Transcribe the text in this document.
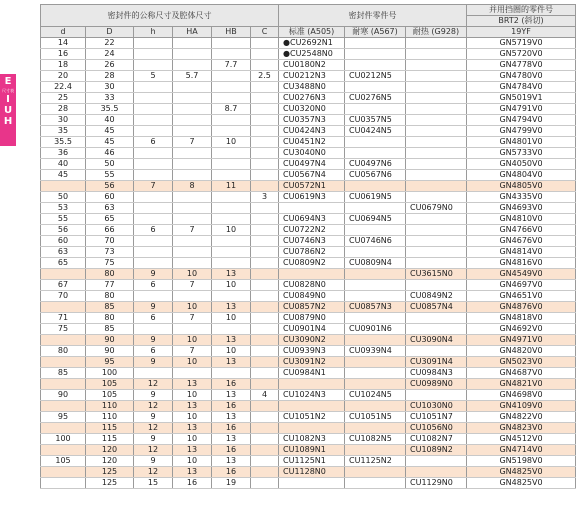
E
尺寸表
I
U
H
密封件的公称尺寸及腔体尺寸						密封件零件号			并用挡圈的零件号
									BRT2 (斜切)
d	D	h	HA	HB	C	标准 (A505)	耐寒 (A567)	耐热 (G928)	19YF
14	22					●CU2692N1			GN5719V0
16	24					●CU2548N0			GN5720V0
18	26			7.7		CU0180N2			GN4778V0
20	28	5	5.7		2.5	CU0212N3	CU0212N5		GN4780V0
22.4	30					CU3488N0			GN4784V0
25	33					CU0276N3	CU0276N5		GN5019V1
28	35.5			8.7		CU0320N0			GN4791V0
30	40					CU0357N3	CU0357N5		GN4794V0
35	45					CU0424N3	CU0424N5		GN4799V0
35.5	45	6	7	10		CU0451N2			GN4801V0
36	46					CU3040N0			GN5733V0
40	50					CU0497N4	CU0497N6		GN4050V0
45	55					CU0567N4	CU0567N6		GN4804V0
	56	7	8	11		CU0572N1			GN4805V0
50	60				3	CU0619N3	CU0619N5		GN4335V0
53	63							CU0679N0	GN4693V0
55	65					CU0694N3	CU0694N5		GN4810V0
56	66	6	7	10		CU0722N2			GN4766V0
60	70					CU0746N3	CU0746N6		GN4676V0
63	73					CU0786N2			GN4814V0
65	75					CU0809N2	CU0809N4		GN4816V0
	80	9	10	13				CU3615N0	GN4549V0
67	77	6	7	10		CU0828N0			GN4697V0
70	80					CU0849N0		CU0849N2	GN4651V0
	85	9	10	13		CU0857N2	CU0857N3	CU0857N4	GN4876V0
71	80	6	7	10		CU0879N0			GN4818V0
75	85					CU0901N4	CU0901N6		GN4692V0
	90	9	10	13		CU3090N2		CU3090N4	GN4971V0
80	90	6	7	10		CU0939N3	CU0939N4		GN4820V0
	95	9	10	13		CU3091N2		CU3091N4	GN5023V0
85	100					CU0984N1		CU0984N3	GN4687V0
	105	12	13	16				CU0989N0	GN4821V0
90	105	9	10	13	4	CU1024N3	CU1024N5		GN4698V0
	110	12	13	16				CU1030N0	GN4109V0
95	110	9	10	13		CU1051N2	CU1051N5	CU1051N7	GN4822V0
	115	12	13	16				CU1056N0	GN4823V0
100	115	9	10	13		CU1082N3	CU1082N5	CU1082N7	GN4512V0
	120	12	13	16		CU1089N1		CU1089N2	GN4714V0
105	120	9	10	13		CU1125N1	CU1125N2		GN5198V0
	125	12	13	16		CU1128N0			GN4825V0
	125	15	16	19				CU1129N0	GN4825V0
